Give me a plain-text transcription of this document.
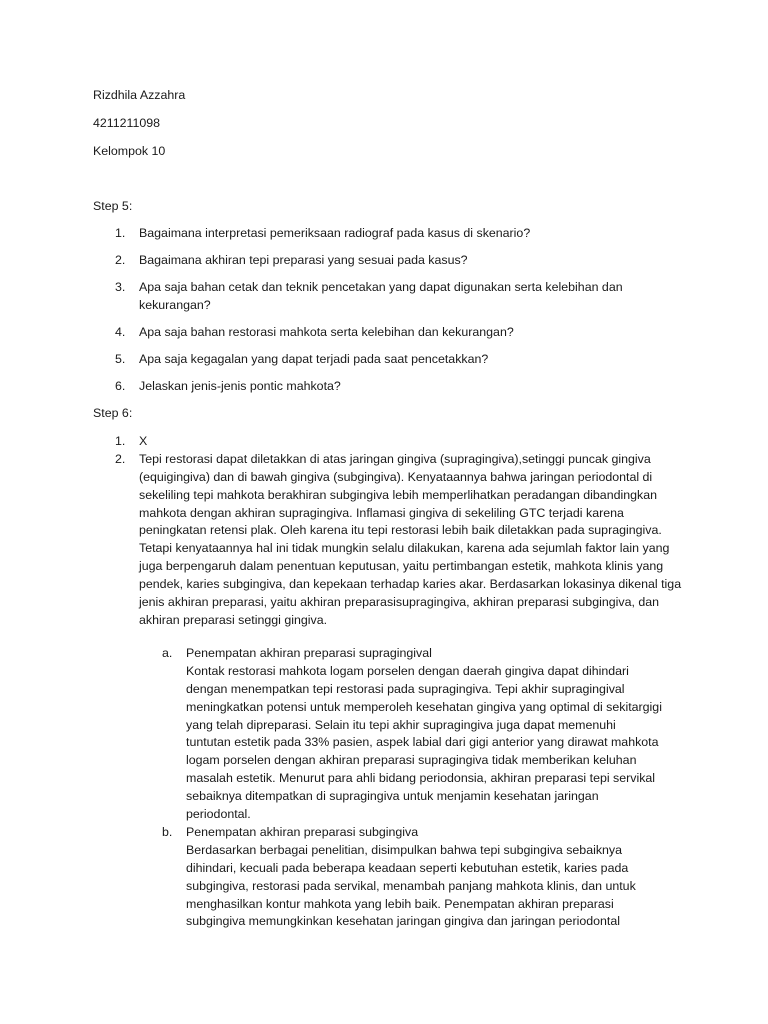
Rizdhila Azzahra
4211211098
Kelompok 10
Step 5:
1.	Bagaimana interpretasi pemeriksaan radiograf pada kasus di skenario?
2.	Bagaimana akhiran tepi preparasi yang sesuai pada kasus?
3.	Apa saja bahan cetak dan teknik pencetakan yang dapat digunakan serta kelebihan dan kekurangan?
4.	Apa saja bahan restorasi mahkota serta kelebihan dan kekurangan?
5.	Apa saja kegagalan yang dapat terjadi pada saat pencetakkan?
6.	Jelaskan jenis-jenis pontic mahkota?
Step 6:
1.	X
2.	Tepi restorasi dapat diletakkan di atas jaringan gingiva (supragingiva),setinggi puncak gingiva (equigingiva) dan di bawah gingiva (subgingiva). Kenyataannya bahwa jaringan periodontal di sekeliling tepi mahkota berakhiran subgingiva lebih memperlihatkan peradangan dibandingkan mahkota dengan akhiran supragingiva. Inflamasi gingiva di sekeliling GTC terjadi karena peningkatan retensi plak. Oleh karena itu tepi restorasi lebih baik diletakkan pada supragingiva. Tetapi kenyataannya hal ini tidak mungkin selalu dilakukan, karena ada sejumlah faktor lain yang juga berpengaruh dalam penentuan keputusan, yaitu pertimbangan estetik, mahkota klinis yang pendek, karies subgingiva, dan kepekaan terhadap karies akar. Berdasarkan lokasinya dikenal tiga jenis akhiran preparasi, yaitu akhiran preparasisupragingiva, akhiran preparasi subgingiva, dan akhiran preparasi setinggi gingiva.
a.	Penempatan akhiran preparasi supragingival
Kontak restorasi mahkota logam porselen dengan daerah gingiva dapat dihindari dengan menempatkan tepi restorasi pada supragingiva. Tepi akhir supragingival meningkatkan potensi untuk memperoleh kesehatan gingiva yang optimal di sekitargigi yang telah dipreparasi. Selain itu tepi akhir supragingiva juga dapat memenuhi tuntutan estetik pada 33% pasien, aspek labial dari gigi anterior yang dirawat mahkota logam porselen dengan akhiran preparasi supragingiva tidak memberikan keluhan masalah estetik. Menurut para ahli bidang periodonsia, akhiran preparasi tepi servikal sebaiknya ditempatkan di supragingiva untuk menjamin kesehatan jaringan periodontal.
b.	Penempatan akhiran preparasi subgingiva
Berdasarkan berbagai penelitian, disimpulkan bahwa tepi subgingiva sebaiknya dihindari, kecuali pada beberapa keadaan seperti kebutuhan estetik, karies pada subgingiva, restorasi pada servikal, menambah panjang mahkota klinis, dan untuk menghasilkan kontur mahkota yang lebih baik. Penempatan akhiran preparasi subgingiva memungkinkan kesehatan jaringan gingiva dan jaringan periodontal
